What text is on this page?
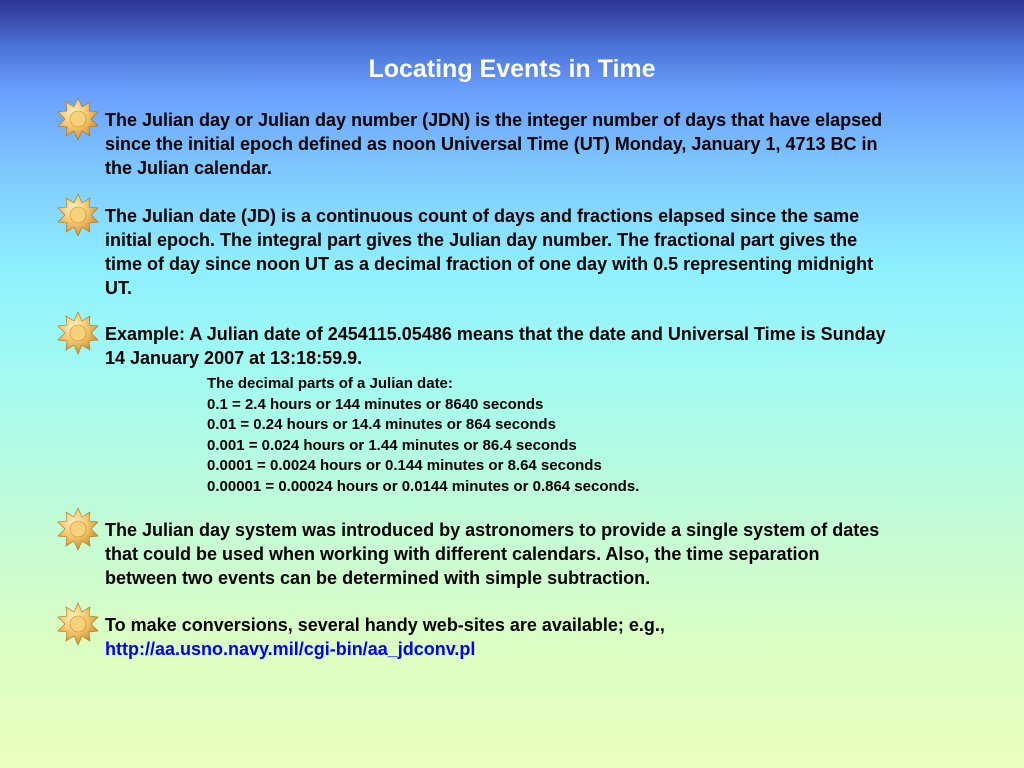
Locating Events in Time
The Julian day or Julian day number (JDN) is the integer number of days that have elapsed
since the initial epoch defined as noon Universal Time (UT) Monday, January 1, 4713 BC in
the Julian calendar.
The Julian date (JD) is a continuous count of days and fractions elapsed since the same
initial epoch. The integral part gives the Julian day number. The fractional part gives the
time of day since noon UT as a decimal fraction of one day with 0.5 representing midnight
UT.
Example: A Julian date of 2454115.05486 means that the date and Universal Time is Sunday
14 January 2007 at 13:18:59.9.
The decimal parts of a Julian date:
0.1 = 2.4 hours or 144 minutes or 8640 seconds
0.01 = 0.24 hours or 14.4 minutes or 864 seconds
0.001 = 0.024 hours or 1.44 minutes or 86.4 seconds
0.0001 = 0.0024 hours or 0.144 minutes or 8.64 seconds
0.00001 = 0.00024 hours or 0.0144 minutes or 0.864 seconds.
The Julian day system was introduced by astronomers to provide a single system of dates
that could be used when working with different calendars. Also, the time separation
between two events can be determined with simple subtraction.
To make conversions, several handy web-sites are available; e.g.,
http://aa.usno.navy.mil/cgi-bin/aa_jdconv.pl
